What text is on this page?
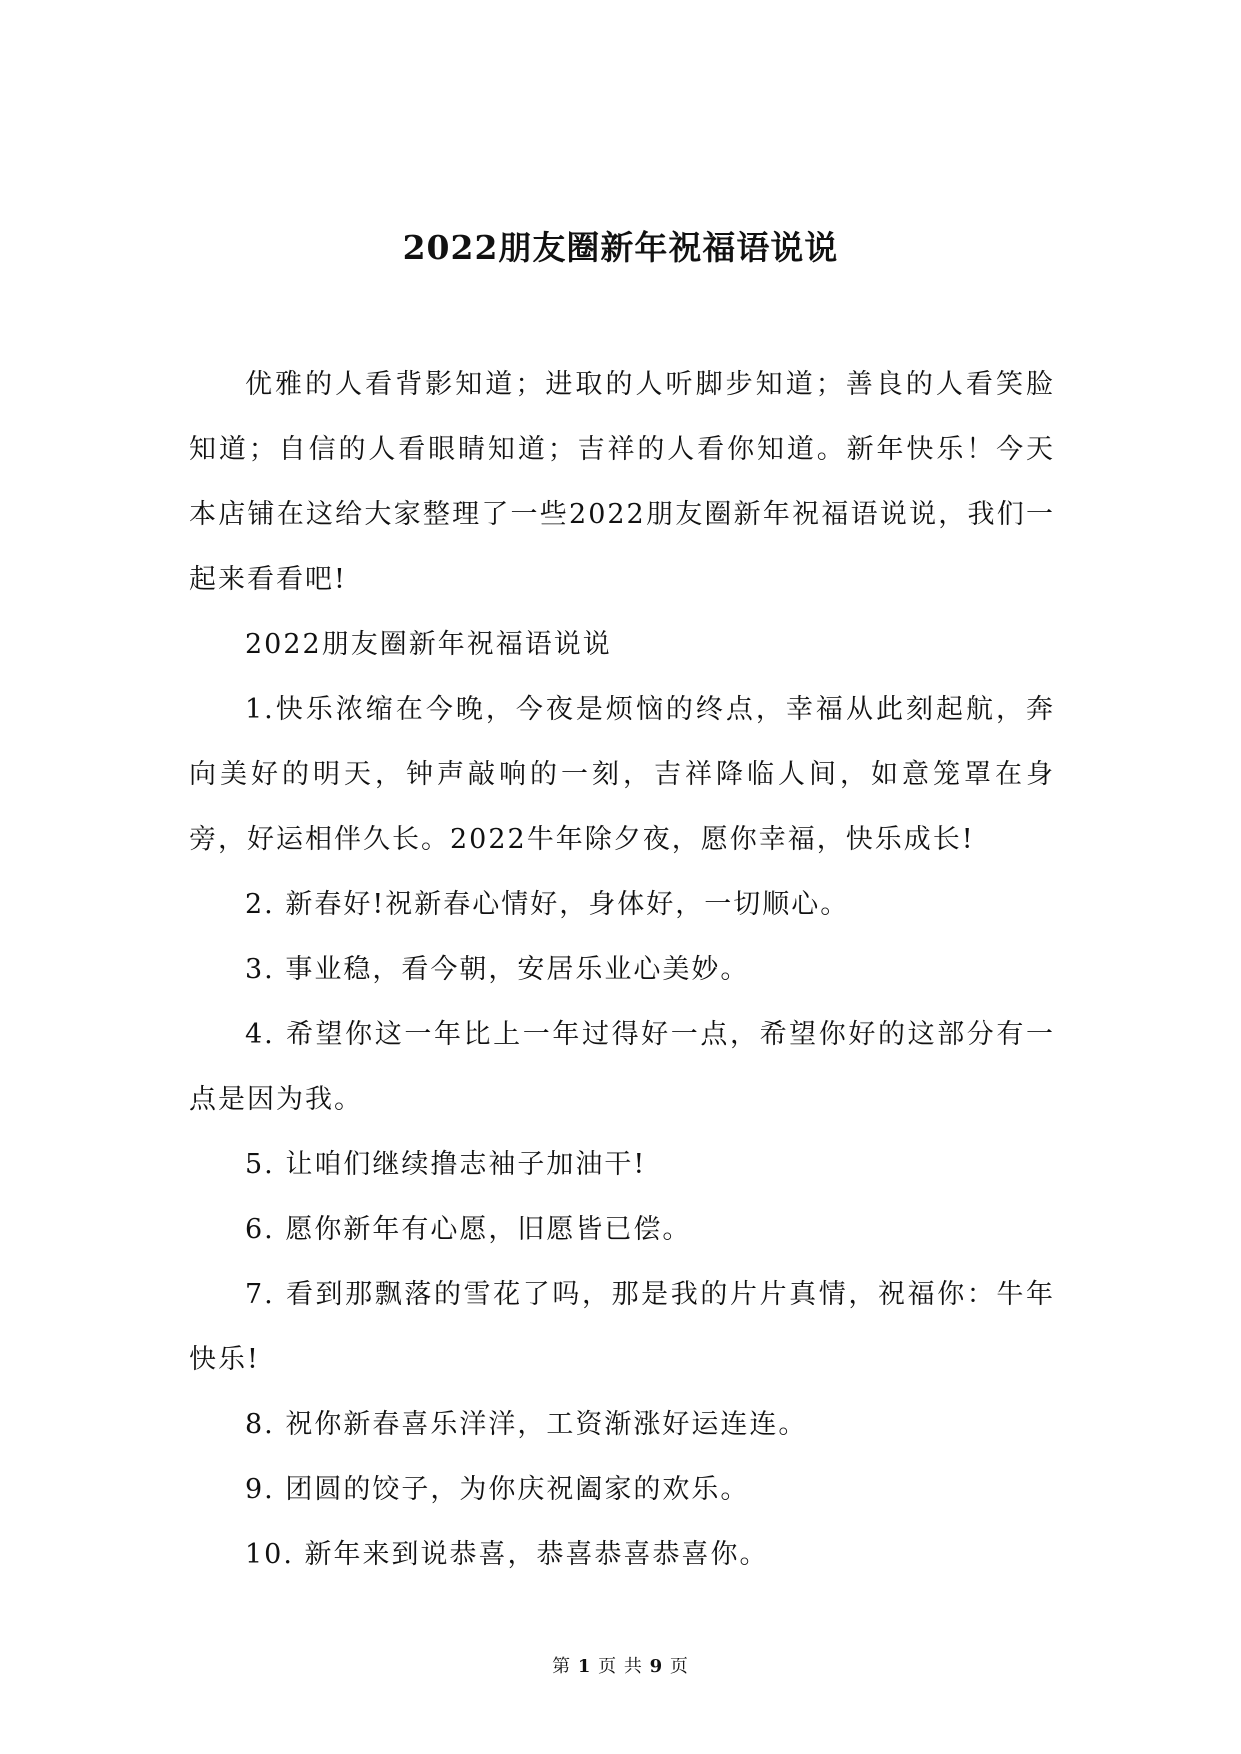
2022朋友圈新年祝福语说说

优雅的人看背影知道；进取的人听脚步知道；善良的人看笑脸知道；自信的人看眼睛知道；吉祥的人看你知道。新年快乐！今天本店铺在这给大家整理了一些2022朋友圈新年祝福语说说，我们一起来看看吧!

2022朋友圈新年祝福语说说

1.快乐浓缩在今晚，今夜是烦恼的终点，幸福从此刻起航，奔向美好的明天，钟声敲响的一刻，吉祥降临人间，如意笼罩在身旁，好运相伴久长。2022牛年除夕夜，愿你幸福，快乐成长!

2. 新春好!祝新春心情好，身体好，一切顺心。

3. 事业稳，看今朝，安居乐业心美妙。

4. 希望你这一年比上一年过得好一点，希望你好的这部分有一点是因为我。

5. 让咱们继续撸志袖子加油干!

6. 愿你新年有心愿，旧愿皆已偿。

7. 看到那飘落的雪花了吗，那是我的片片真情，祝福你：牛年快乐!

8. 祝你新春喜乐洋洋，工资渐涨好运连连。

9. 团圆的饺子，为你庆祝阖家的欢乐。

10. 新年来到说恭喜，恭喜恭喜恭喜你。

第 1 页 共 9 页
